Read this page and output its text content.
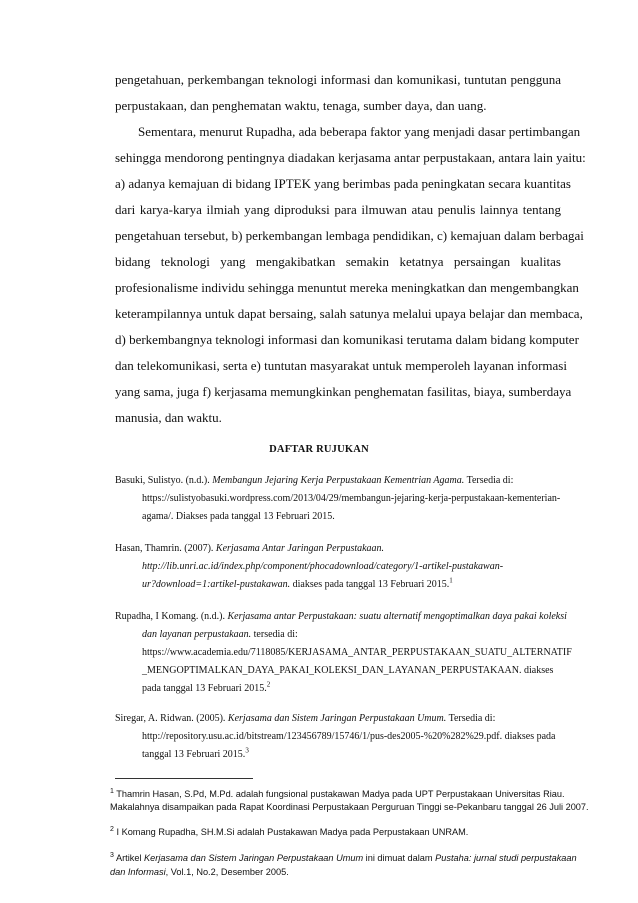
pengetahuan, perkembangan teknologi informasi dan komunikasi, tuntutan pengguna
perpustakaan, dan penghematan waktu, tenaga, sumber daya, dan uang.
Sementara, menurut Rupadha, ada beberapa faktor yang menjadi dasar pertimbangan
sehingga mendorong pentingnya diadakan kerjasama antar perpustakaan, antara lain yaitu:
a) adanya kemajuan di bidang IPTEK yang berimbas pada peningkatan secara kuantitas
dari karya-karya ilmiah yang diproduksi para ilmuwan atau penulis lainnya tentang
pengetahuan tersebut, b) perkembangan lembaga pendidikan, c) kemajuan dalam berbagai
bidang teknologi yang mengakibatkan semakin ketatnya persaingan kualitas
profesionalisme individu sehingga menuntut mereka meningkatkan dan mengembangkan
keterampilannya untuk dapat bersaing, salah satunya melalui upaya belajar dan membaca,
d) berkembangnya teknologi informasi dan komunikasi terutama dalam bidang komputer
dan telekomunikasi, serta e) tuntutan masyarakat untuk memperoleh layanan informasi
yang sama, juga f) kerjasama memungkinkan penghematan fasilitas, biaya, sumberdaya
manusia, dan waktu.
DAFTAR RUJUKAN
Basuki, Sulistyo. (n.d.). Membangun Jejaring Kerja Perpustakaan Kementrian Agama. Tersedia di:
https://sulistyobasuki.wordpress.com/2013/04/29/membangun-jejaring-kerja-perpustakaan-kementerian-
agama/. Diakses pada tanggal 13 Februari 2015.
Hasan, Thamrin. (2007). Kerjasama Antar Jaringan Perpustakaan.
http://lib.unri.ac.id/index.php/component/phocadownload/category/1-artikel-pustakawan-
ur?download=1:artikel-pustakawan. diakses pada tanggal 13 Februari 2015.$^1$
Rupadha, I Komang. (n.d.). Kerjasama antar Perpustakaan: suatu alternatif mengoptimalkan daya pakai koleksi
dan layanan perpustakaan. tersedia di:
https://www.academia.edu/7118085/KERJASAMA_ANTAR_PERPUSTAKAAN_SUATU_ALTERNATIF
_MENGOPTIMALKAN_DAYA_PAKAI_KOLEKSI_DAN_LAYANAN_PERPUSTAKAAN. diakses
pada tanggal 13 Februari 2015.$^2$
Siregar, A. Ridwan. (2005). Kerjasama dan Sistem Jaringan Perpustakaan Umum. Tersedia di:
http://repository.usu.ac.id/bitstream/123456789/15746/1/pus-des2005-%20%282%29.pdf. diakses pada
tanggal 13 Februari 2015.$^3$
$^1$ Thamrin Hasan, S.Pd, M.Pd. adalah fungsional pustakawan Madya pada UPT Perpustakaan Universitas Riau.
Makalahnya disampaikan pada Rapat Koordinasi Perpustakaan Perguruan Tinggi se-Pekanbaru tanggal 26 Juli 2007.
$^2$ I Komang Rupadha, SH.M.Si adalah Pustakawan Madya pada Perpustakaan UNRAM.
$^3$ Artikel Kerjasama dan Sistem Jaringan Perpustakaan Umum ini dimuat dalam Pustaha: jurnal studi perpustakaan
dan Informasi, Vol.1, No.2, Desember 2005.
